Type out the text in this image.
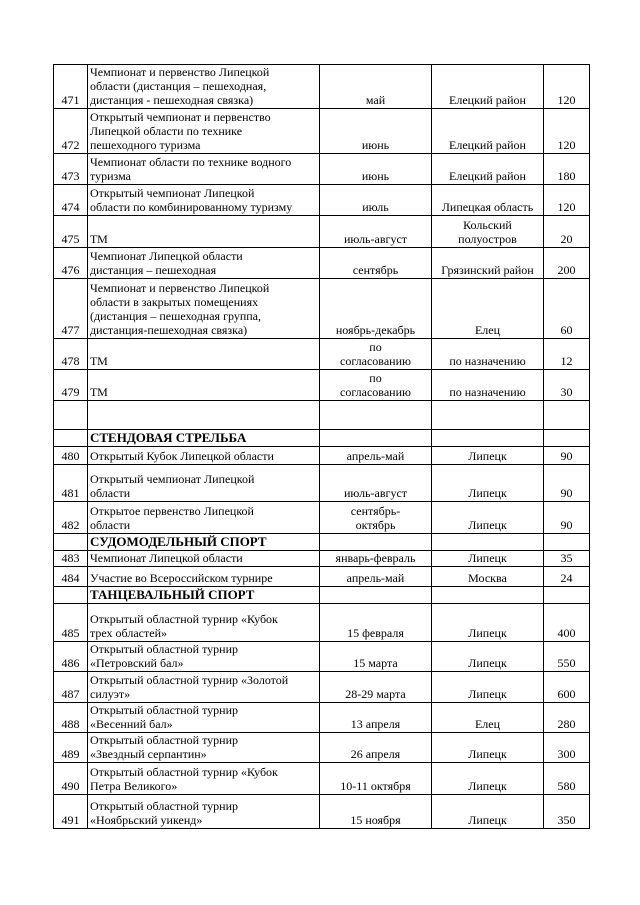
471	Чемпионат и первенство Липецкой
области (дистанция – пешеходная,
дистанция - пешеходная связка)	май	Елецкий район	120
472	Открытый чемпионат и первенство
Липецкой области по технике
пешеходного туризма	июнь	Елецкий район	120
473	Чемпионат области по технике водного
туризма	июнь	Елецкий район	180
474	Открытый чемпионат Липецкой
области по комбинированному туризму	июль	Липецкая область	120
475	ТМ	июль-август	Кольский
полуостров	20
476	Чемпионат Липецкой области
дистанция – пешеходная	сентябрь	Грязинский район	200
477	Чемпионат и первенство Липецкой
области в закрытых помещениях
(дистанция – пешеходная группа,
дистанция-пешеходная связка)	ноябрь-декабрь	Елец	60
478	ТМ	по
согласованию	по назначению	12
479	ТМ	по
согласованию	по назначению	30

	СТЕНДОВАЯ СТРЕЛЬБА			
480	Открытый Кубок Липецкой области	апрель-май	Липецк	90
481	Открытый чемпионат Липецкой
области	июль-август	Липецк	90
482	Открытое первенство Липецкой
области	сентябрь-
октябрь	Липецк	90
	СУДОМОДЕЛЬНЫЙ СПОРТ			
483	Чемпионат Липецкой области	январь-февраль	Липецк	35
484	Участие во Всероссийском турнире	апрель-май	Москва	24
	ТАНЦЕВАЛЬНЫЙ СПОРТ			
485	Открытый областной турнир «Кубок
трех областей»	15 февраля	Липецк	400
486	Открытый областной турнир
«Петровский бал»	15 марта	Липецк	550
487	Открытый областной турнир «Золотой
силуэт»	28-29 марта	Липецк	600
488	Открытый областной турнир
«Весенний бал»	13 апреля	Елец	280
489	Открытый областной турнир
«Звездный серпантин»	26 апреля	Липецк	300
490	Открытый областной турнир «Кубок
Петра Великого»	10-11 октября	Липецк	580
491	Открытый областной турнир
«Ноябрьский уикенд»	15 ноября	Липецк	350
